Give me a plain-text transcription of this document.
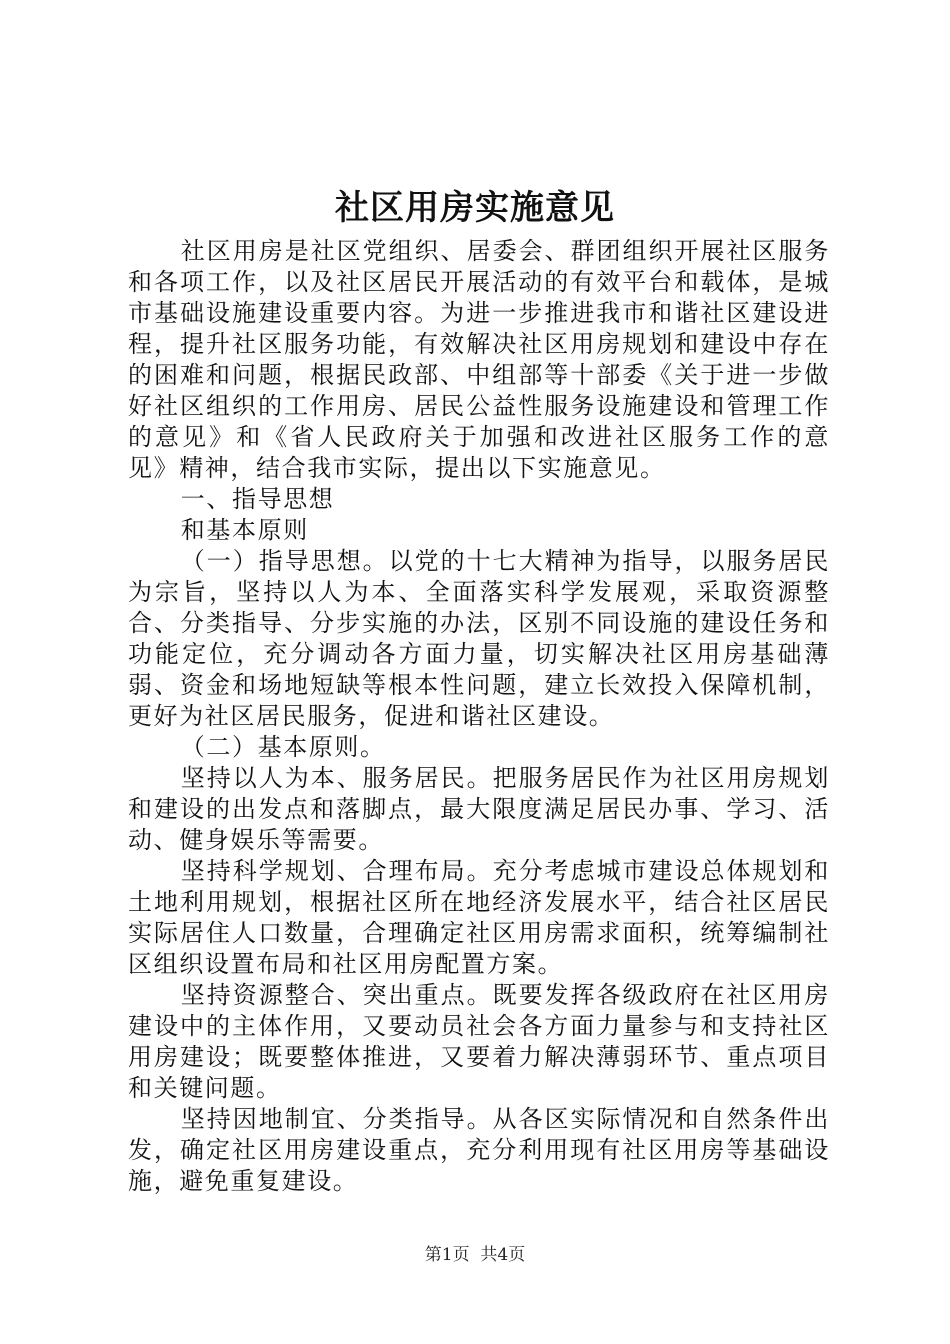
社区用房实施意见

社区用房是社区党组织、居委会、群团组织开展社区服务和各项工作，以及社区居民开展活动的有效平台和载体，是城市基础设施建设重要内容。为进一步推进我市和谐社区建设进程，提升社区服务功能，有效解决社区用房规划和建设中存在的困难和问题，根据民政部、中组部等十部委《关于进一步做好社区组织的工作用房、居民公益性服务设施建设和管理工作的意见》和《省人民政府关于加强和改进社区服务工作的意见》精神，结合我市实际，提出以下实施意见。

一、指导思想

和基本原则

（一）指导思想。以党的十七大精神为指导，以服务居民为宗旨，坚持以人为本、全面落实科学发展观，采取资源整合、分类指导、分步实施的办法，区别不同设施的建设任务和功能定位，充分调动各方面力量，切实解决社区用房基础薄弱、资金和场地短缺等根本性问题，建立长效投入保障机制，更好为社区居民服务，促进和谐社区建设。

（二）基本原则。

坚持以人为本、服务居民。把服务居民作为社区用房规划和建设的出发点和落脚点，最大限度满足居民办事、学习、活动、健身娱乐等需要。

坚持科学规划、合理布局。充分考虑城市建设总体规划和土地利用规划，根据社区所在地经济发展水平，结合社区居民实际居住人口数量，合理确定社区用房需求面积，统筹编制社区组织设置布局和社区用房配置方案。

坚持资源整合、突出重点。既要发挥各级政府在社区用房建设中的主体作用，又要动员社会各方面力量参与和支持社区用房建设；既要整体推进，又要着力解决薄弱环节、重点项目和关键问题。

坚持因地制宜、分类指导。从各区实际情况和自然条件出发，确定社区用房建设重点，充分利用现有社区用房等基础设施，避免重复建设。

第1页 共4页
